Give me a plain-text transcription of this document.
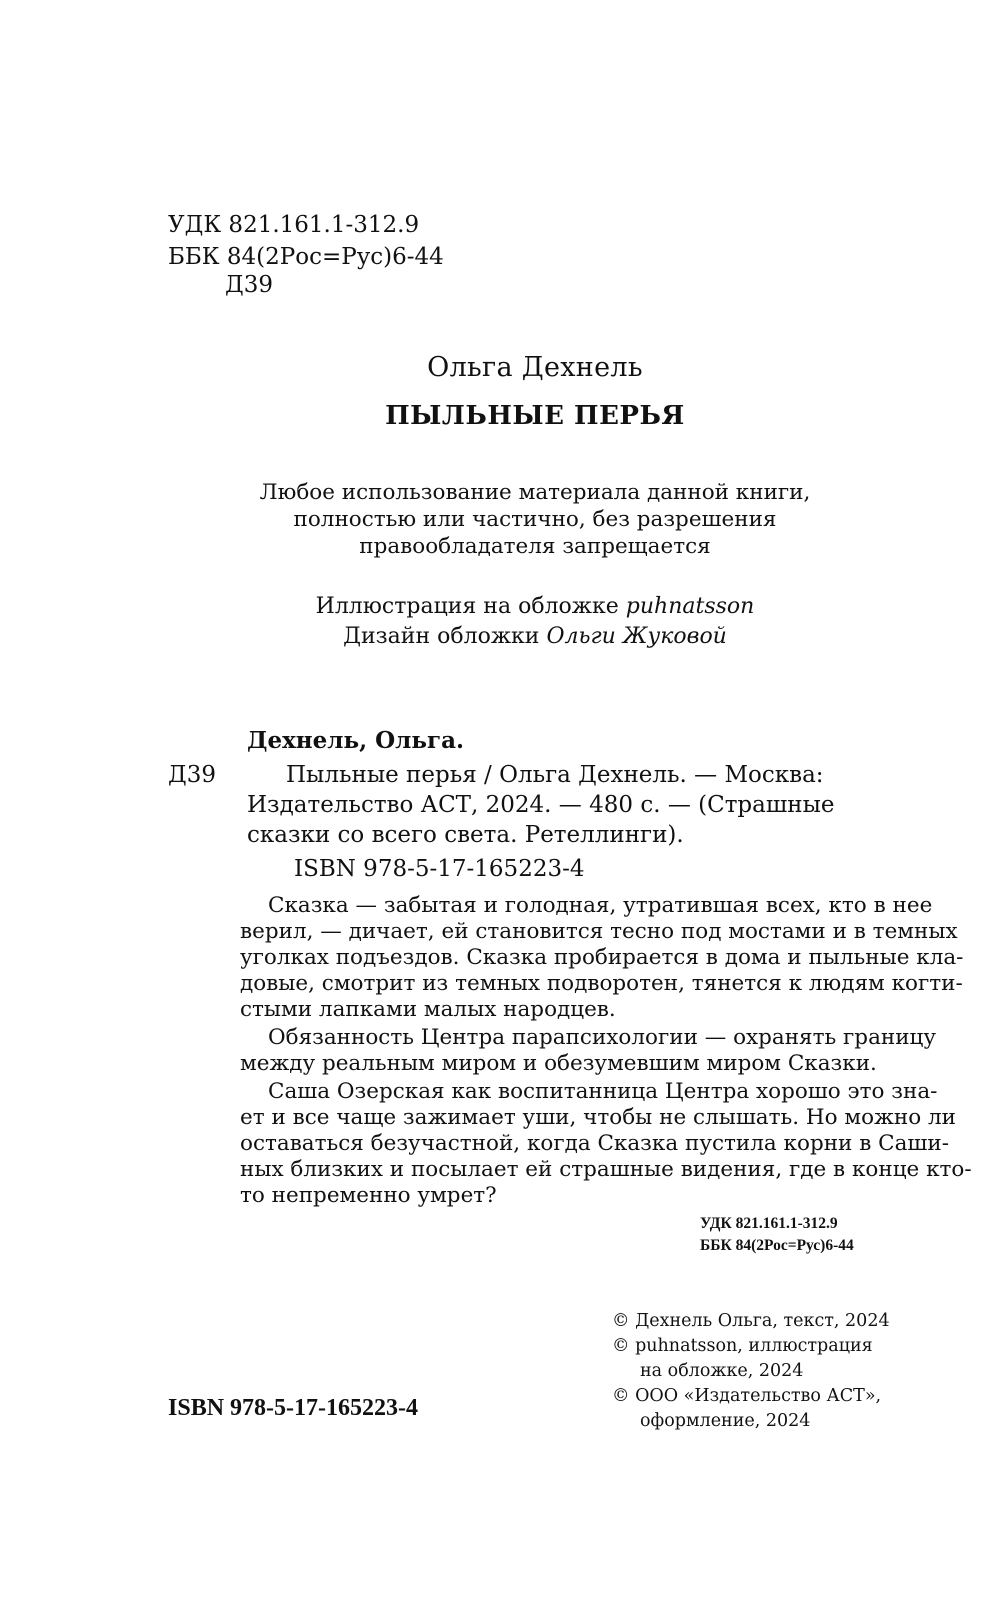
УДК 821.161.1-312.9
ББК 84(2Рос=Рус)6-44
Д39
Ольга Дехнель
ПЫЛЬНЫЕ ПЕРЬЯ
Любое использование материала данной книги,
полностью или частично, без разрешения
правообладателя запрещается
Иллюстрация на обложке puhnatsson
Дизайн обложки Ольги Жуковой
Дехнель, Ольга.
Д39	Пыльные перья / Ольга Дехнель. — Москва:
Издательство АСТ, 2024. — 480 с. — (Страшные
сказки со всего света. Ретеллинги).
ISBN 978-5-17-165223-4
Сказка — забытая и голодная, утратившая всех, кто в нее
верил, — дичает, ей становится тесно под мостами и в темных
уголках подъездов. Сказка пробирается в дома и пыльные кла-
довые, смотрит из темных подворотен, тянется к людям когти-
стыми лапками малых народцев.
Обязанность Центра парапсихологии — охранять границу
между реальным миром и обезумевшим миром Сказки.
Саша Озерская как воспитанница Центра хорошо это зна-
ет и все чаще зажимает уши, чтобы не слышать. Но можно ли
оставаться безучастной, когда Сказка пустила корни в Саши-
ных близких и посылает ей страшные видения, где в конце кто-
то непременно умрет?
УДК 821.161.1-312.9
ББК 84(2Рос=Рус)6-44
© Дехнель Ольга, текст, 2024
© puhnatsson, иллюстрация
на обложке, 2024
© ООО «Издательство АСТ»,
оформление, 2024
ISBN 978-5-17-165223-4
